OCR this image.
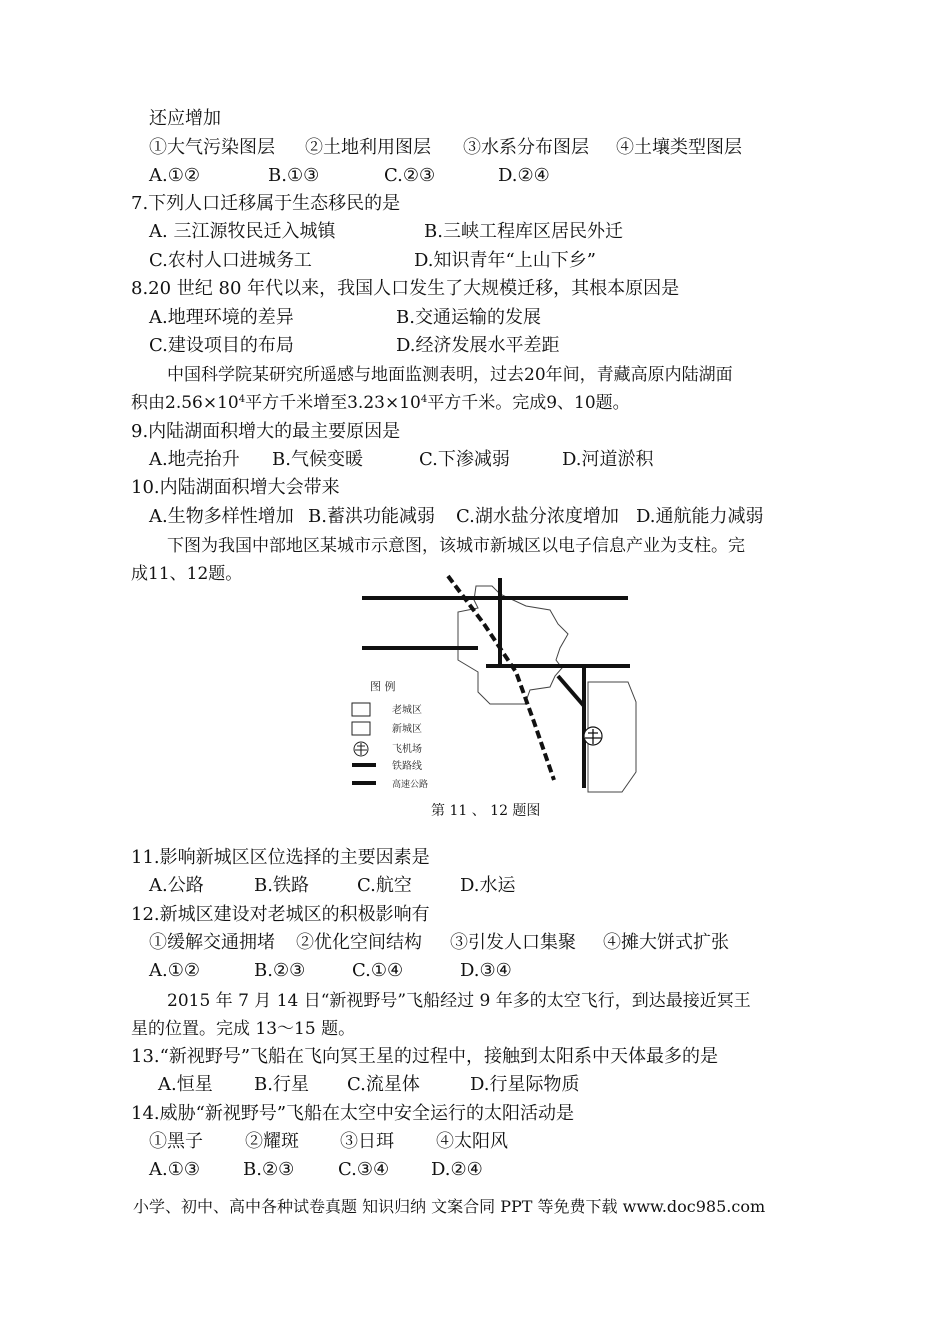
还应增加
①大气污染图层 ②土地利用图层 ③水系分布图层 ④土壤类型图层
A.①②	B.①③	C.②③	D.②④
7.下列人口迁移属于生态移民的是
A. 三江源牧民迁入城镇	B.三峡工程库区居民外迁
C.农村人口进城务工	D.知识青年“上山下乡”
8.20 世纪 80 年代以来，我国人口发生了大规模迁移，其根本原因是
A.地理环境的差异	B.交通运输的发展
C.建设项目的布局	D.经济发展水平差距
中国科学院某研究所遥感与地面监测表明，过去20年间，青藏高原内陆湖面
积由$2.56\times 10^4$平方千米增至$3.23\times 10^4$平方千米。完成9、10题。
9.内陆湖面积增大的最主要原因是
A.地壳抬升 B.气候变暖	C.下渗减弱	D.河道淤积
10.内陆湖面积增大会带来
A.生物多样性增加 B.蓄洪功能减弱 C.湖水盐分浓度增加 D.通航能力减弱
下图为我国中部地区某城市示意图，该城市新城区以电子信息产业为支柱。完
成11、12题。
图 例
老城区
新城区
飞机场
铁路线
高速公路
第 11 、 12 题图
11.影响新城区区位选择的主要因素是
A.公路	B.铁路	C.航空	D.水运
12.新城区建设对老城区的积极影响有
①缓解交通拥堵 ②优化空间结构 ③引发人口集聚 ④摊大饼式扩张
A.①②	B.②③	C.①④	D.③④
2015 年 7 月 14 日“新视野号”飞船经过 9 年多的太空飞行，到达最接近冥王
星的位置。完成 13～15 题。
13.“新视野号”飞船在飞向冥王星的过程中，接触到太阳系中天体最多的是
A.恒星 B.行星 C.流星体	D.行星际物质
14.威胁“新视野号”飞船在太空中安全运行的太阳活动是
①黑子 ②耀斑 ③日珥 ④太阳风
A.①③ B.②③ C.③④ D.②④
小学、初中、高中各种试卷真题 知识归纳 文案合同 PPT 等免费下载 www.doc985.com
